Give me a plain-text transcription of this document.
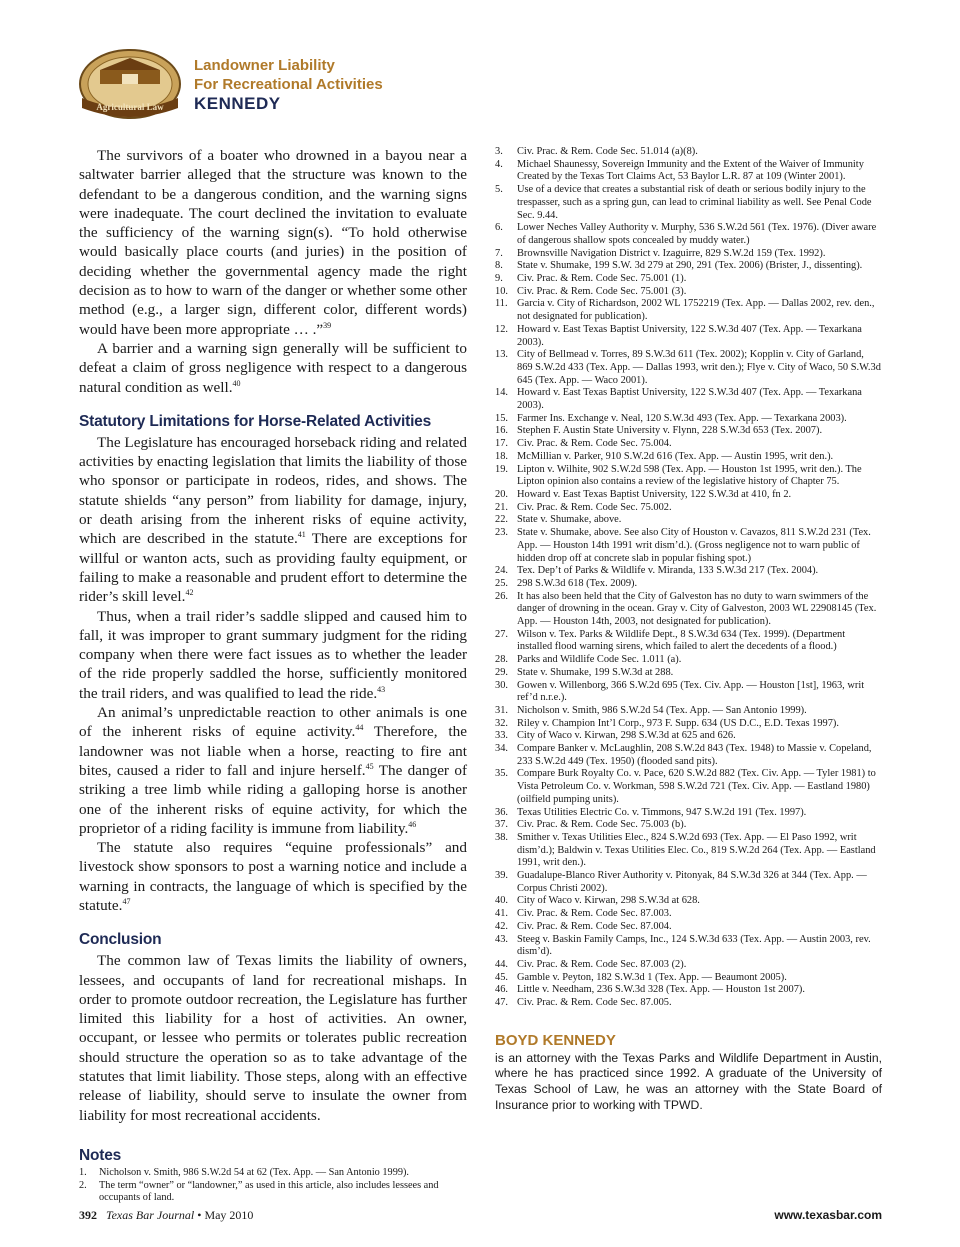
Agricultural Law
Landowner Liability
For Recreational Activities
KENNEDY

The survivors of a boater who drowned in a bayou near a saltwater barrier alleged that the structure was known to the defendant to be a dangerous condition, and the warning signs were inadequate. The court declined the invitation to evaluate the sufficiency of the warning sign(s). “To hold otherwise would basically place courts (and juries) in the position of deciding whether the governmental agency made the right decision as to how to warn of the danger or whether some other method (e.g., a larger sign, different color, different words) would have been more appropriate … .”$^{39}$

A barrier and a warning sign generally will be sufficient to defeat a claim of gross negligence with respect to a dangerous natural condition as well.$^{40}$

Statutory Limitations for Horse-Related Activities

The Legislature has encouraged horseback riding and related activities by enacting legislation that limits the liability of those who sponsor or participate in rodeos, rides, and shows. The statute shields “any person” from liability for damage, injury, or death arising from the inherent risks of equine activity, which are described in the statute.$^{41}$ There are exceptions for willful or wanton acts, such as providing faulty equipment, or failing to make a reasonable and prudent effort to determine the rider’s skill level.$^{42}$

Thus, when a trail rider’s saddle slipped and caused him to fall, it was improper to grant summary judgment for the riding company when there were fact issues as to whether the leader of the ride properly saddled the horse, sufficiently monitored the trail riders, and was qualified to lead the ride.$^{43}$

An animal’s unpredictable reaction to other animals is one of the inherent risks of equine activity.$^{44}$ Therefore, the landowner was not liable when a horse, reacting to fire ant bites, caused a rider to fall and injure herself.$^{45}$ The danger of striking a tree limb while riding a galloping horse is another one of the inherent risks of equine activity, for which the proprietor of a riding facility is immune from liability.$^{46}$

The statute also requires “equine professionals” and livestock show sponsors to post a warning notice and include a warning in contracts, the language of which is specified by the statute.$^{47}$

Conclusion

The common law of Texas limits the liability of owners, lessees, and occupants of land for recreational mishaps. In order to promote outdoor recreation, the Legislature has further limited this liability for a host of activities. An owner, occupant, or lessee who permits or tolerates public recreation should structure the operation so as to take advantage of the statutes that limit liability. Those steps, along with an effective release of liability, should serve to insulate the owner from liability for most recreational accidents.

Notes
1.	Nicholson v. Smith, 986 S.W.2d 54 at 62 (Tex. App. — San Antonio 1999).
2.	The term “owner” or “landowner,” as used in this article, also includes lessees and occupants of land.
3.	Civ. Prac. & Rem. Code Sec. 51.014 (a)(8).
4.	Michael Shaunessy, Sovereign Immunity and the Extent of the Waiver of Immunity Created by the Texas Tort Claims Act, 53 Baylor L.R. 87 at 109 (Winter 2001).
5.	Use of a device that creates a substantial risk of death or serious bodily injury to the trespasser, such as a spring gun, can lead to criminal liability as well. See Penal Code Sec. 9.44.
6.	Lower Neches Valley Authority v. Murphy, 536 S.W.2d 561 (Tex. 1976). (Diver aware of dangerous shallow spots concealed by muddy water.)
7.	Brownsville Navigation District v. Izaguirre, 829 S.W.2d 159 (Tex. 1992).
8.	State v. Shumake, 199 S.W. 3d 279 at 290, 291 (Tex. 2006) (Brister, J., dissenting).
9.	Civ. Prac. & Rem. Code Sec. 75.001 (1).
10. Civ. Prac. & Rem. Code Sec. 75.001 (3).
11. Garcia v. City of Richardson, 2002 WL 1752219 (Tex. App. — Dallas 2002, rev. den., not designated for publication).
12. Howard v. East Texas Baptist University, 122 S.W.3d 407 (Tex. App. — Texarkana 2003).
13. City of Bellmead v. Torres, 89 S.W.3d 611 (Tex. 2002); Kopplin v. City of Garland, 869 S.W.2d 433 (Tex. App. — Dallas 1993, writ den.); Flye v. City of Waco, 50 S.W.3d 645 (Tex. App. — Waco 2001).
14. Howard v. East Texas Baptist University, 122 S.W.3d 407 (Tex. App. — Texarkana 2003).
15. Farmer Ins. Exchange v. Neal, 120 S.W.3d 493 (Tex. App. — Texarkana 2003).
16. Stephen F. Austin State University v. Flynn, 228 S.W.3d 653 (Tex. 2007).
17. Civ. Prac. & Rem. Code Sec. 75.004.
18. McMillian v. Parker, 910 S.W.2d 616 (Tex. App. — Austin 1995, writ den.).
19. Lipton v. Wilhite, 902 S.W.2d 598 (Tex. App. — Houston 1st 1995, writ den.). The Lipton opinion also contains a review of the legislative history of Chapter 75.
20. Howard v. East Texas Baptist University, 122 S.W.3d at 410, fn 2.
21. Civ. Prac. & Rem. Code Sec. 75.002.
22. State v. Shumake, above.
23. State v. Shumake, above. See also City of Houston v. Cavazos, 811 S.W.2d 231 (Tex. App. — Houston 14th 1991 writ dism’d.). (Gross negligence not to warn public of hidden drop off at concrete slab in popular fishing spot.)
24. Tex. Dep’t of Parks & Wildlife v. Miranda, 133 S.W.3d 217 (Tex. 2004).
25. 298 S.W.3d 618 (Tex. 2009).
26. It has also been held that the City of Galveston has no duty to warn swimmers of the danger of drowning in the ocean. Gray v. City of Galveston, 2003 WL 22908145 (Tex. App. — Houston 14th, 2003, not designated for publication).
27. Wilson v. Tex. Parks & Wildlife Dept., 8 S.W.3d 634 (Tex. 1999). (Department installed flood warning sirens, which failed to alert the decedents of a flood.)
28. Parks and Wildlife Code Sec. 1.011 (a).
29. State v. Shumake, 199 S.W.3d at 288.
30. Gowen v. Willenborg, 366 S.W.2d 695 (Tex. Civ. App. — Houston [1st], 1963, writ ref’d n.r.e.).
31. Nicholson v. Smith, 986 S.W.2d 54 (Tex. App. — San Antonio 1999).
32. Riley v. Champion Int’l Corp., 973 F. Supp. 634 (US D.C., E.D. Texas 1997).
33. City of Waco v. Kirwan, 298 S.W.3d at 625 and 626.
34. Compare Banker v. McLaughlin, 208 S.W.2d 843 (Tex. 1948) to Massie v. Copeland, 233 S.W.2d 449 (Tex. 1950) (flooded sand pits).
35. Compare Burk Royalty Co. v. Pace, 620 S.W.2d 882 (Tex. Civ. App. — Tyler 1981) to Vista Petroleum Co. v. Workman, 598 S.W.2d 721 (Tex. Civ. App. — Eastland 1980) (oilfield pumping units).
36. Texas Utilities Electric Co. v. Timmons, 947 S.W.2d 191 (Tex. 1997).
37. Civ. Prac. & Rem. Code Sec. 75.003 (b).
38. Smither v. Texas Utilities Elec., 824 S.W.2d 693 (Tex. App. — El Paso 1992, writ dism’d.); Baldwin v. Texas Utilities Elec. Co., 819 S.W.2d 264 (Tex. App. — Eastland 1991, writ den.).
39. Guadalupe-Blanco River Authority v. Pitonyak, 84 S.W.3d 326 at 344 (Tex. App. — Corpus Christi 2002).
40. City of Waco v. Kirwan, 298 S.W.3d at 628.
41. Civ. Prac. & Rem. Code Sec. 87.003.
42. Civ. Prac. & Rem. Code Sec. 87.004.
43. Steeg v. Baskin Family Camps, Inc., 124 S.W.3d 633 (Tex. App. — Austin 2003, rev. dism’d).
44. Civ. Prac. & Rem. Code Sec. 87.003 (2).
45. Gamble v. Peyton, 182 S.W.3d 1 (Tex. App. — Beaumont 2005).
46. Little v. Needham, 236 S.W.3d 328 (Tex. App. — Houston 1st 2007).
47. Civ. Prac. & Rem. Code Sec. 87.005.
BOYD KENNEDY

is an attorney with the Texas Parks and Wildlife Department in Austin, where he has practiced since 1992. A graduate of the University of Texas School of Law, he was an attorney with the State Board of Insurance prior to working with TPWD.

392 Texas Bar Journal • May 2010	www.texasbar.com
